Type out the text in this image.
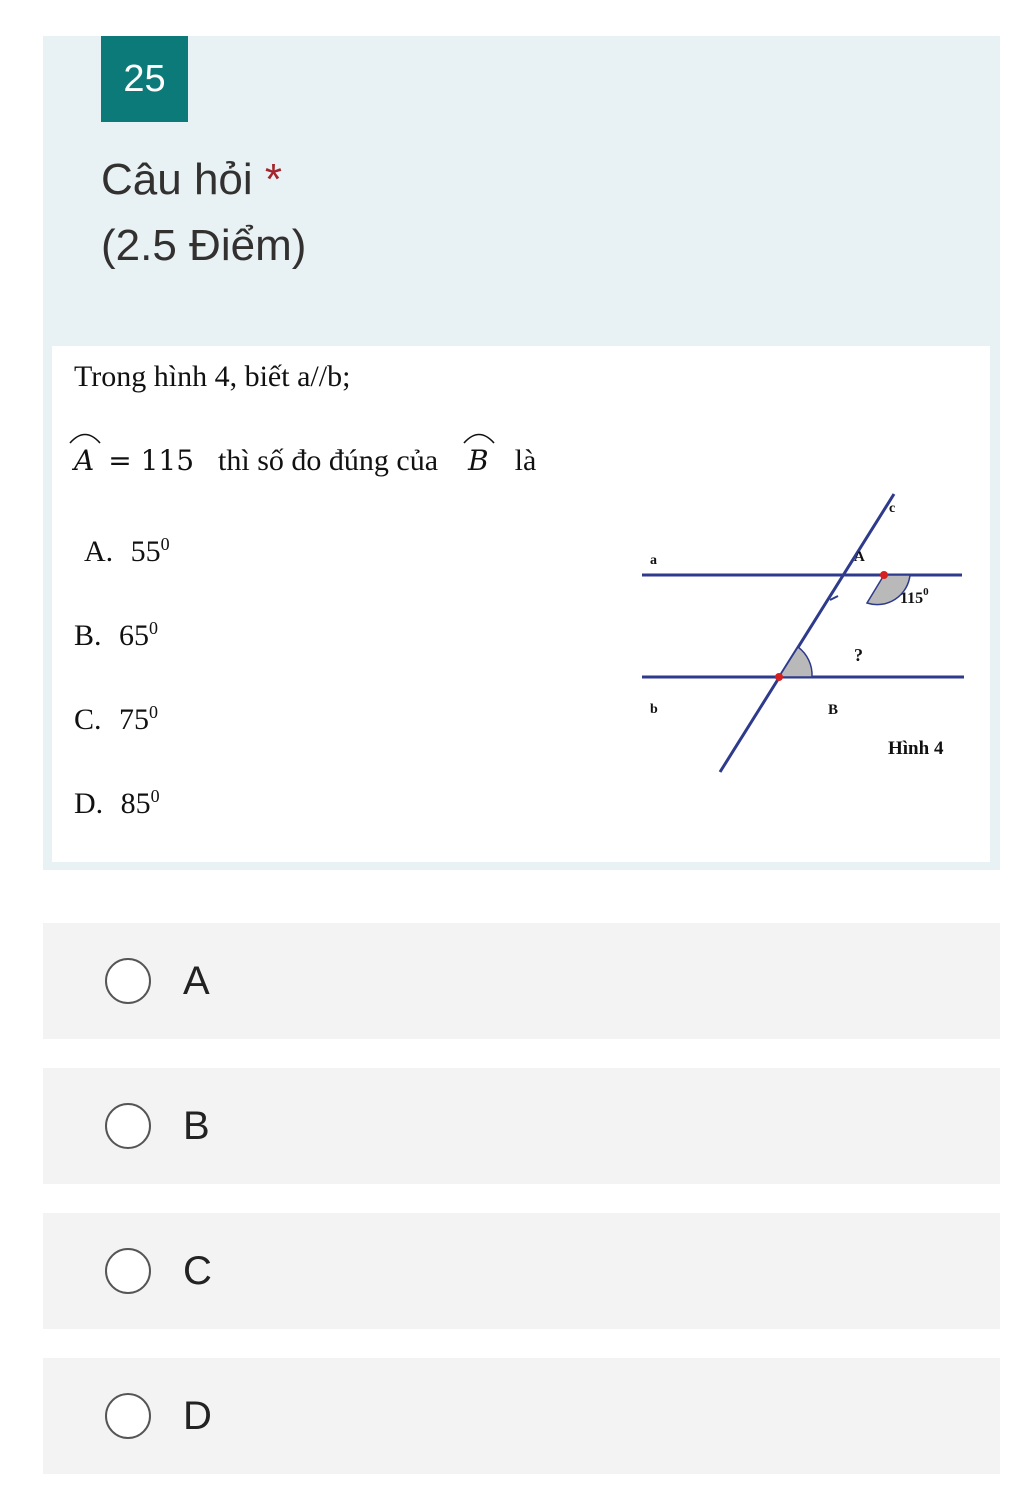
25
Câu hỏi *
(2.5 Điểm)
Trong hình 4, biết a//b;
A = 115 thì số đo đúng của B là
A. $55^0$
B. $65^0$
C. $75^0$
D. $85^0$
c
a
b
A
B
$115^0$
?
Hình 4
A
B
C
D
